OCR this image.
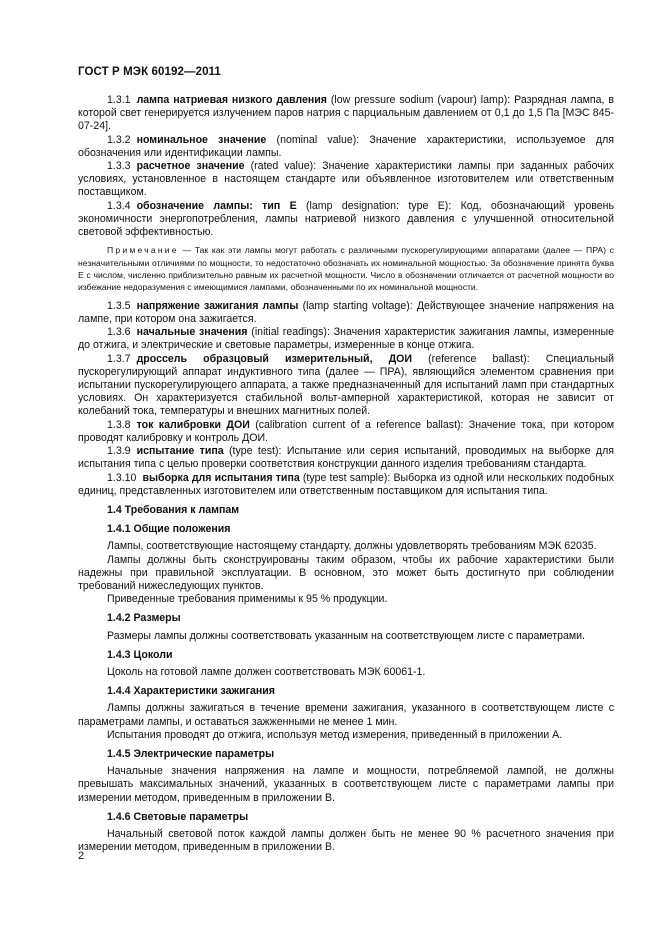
ГОСТ Р МЭК 60192—2011

1.3.1 лампа натриевая низкого давления (low pressure sodium (vapour) lamp): Разрядная лампа, в которой свет генерируется излучением паров натрия с парциальным давлением от 0,1 до 1,5 Па [МЭС 845-07-24].

1.3.2 номинальное значение (nominal value): Значение характеристики, используемое для обозначения или идентификации лампы.

1.3.3 расчетное значение (rated value): Значение характеристики лампы при заданных рабочих условиях, установленное в настоящем стандарте или объявленное изготовителем или ответственным поставщиком.

1.3.4 обозначение лампы: тип Е (lamp designation: type E): Код, обозначающий уровень экономичности энергопотребления, лампы натриевой низкого давления с улучшенной относительной световой эффективностью.

Примечание — Так как эти лампы могут работать с различными пускорегулирующими аппаратами (далее — ПРА) с незначительными отличиями по мощности, то недостаточно обозначать их номинальной мощностью. За обозначение принята буква Е с числом, численно приблизительно равным их расчетной мощности. Число в обозначении отличается от расчетной мощности во избежание недоразумения с имеющимися лампами, обозначенными по их номинальной мощности.

1.3.5 напряжение зажигания лампы (lamp starting voltage): Действующее значение напряжения на лампе, при котором она зажигается.

1.3.6 начальные значения (initial readings): Значения характеристик зажигания лампы, измеренные до отжига, и электрические и световые параметры, измеренные в конце отжига.

1.3.7 дроссель образцовый измерительный, ДОИ (reference ballast): Специальный пускорегулирующий аппарат индуктивного типа (далее — ПРА), являющийся элементом сравнения при испытании пускорегулирующего аппарата, а также предназначенный для испытаний ламп при стандартных условиях. Он характеризуется стабильной вольт-амперной характеристикой, которая не зависит от колебаний тока, температуры и внешних магнитных полей.

1.3.8 ток калибровки ДОИ (calibration current of a reference ballast): Значение тока, при котором проводят калибровку и контроль ДОИ.

1.3.9 испытание типа (type test): Испытание или серия испытаний, проводимых на выборке для испытания типа с целью проверки соответствия конструкции данного изделия требованиям стандарта.

1.3.10 выборка для испытания типа (type test sample): Выборка из одной или нескольких подобных единиц, представленных изготовителем или ответственным поставщиком для испытания типа.

1.4 Требования к лампам

1.4.1 Общие положения

Лампы, соответствующие настоящему стандарту, должны удовлетворять требованиям МЭК 62035.

Лампы должны быть сконструированы таким образом, чтобы их рабочие характеристики были надежны при правильной эксплуатации. В основном, это может быть достигнуто при соблюдении требований нижеследующих пунктов.

Приведенные требования применимы к 95 % продукции.

1.4.2 Размеры

Размеры лампы должны соответствовать указанным на соответствующем листе с параметрами.

1.4.3 Цоколи

Цоколь на готовой лампе должен соответствовать МЭК 60061-1.

1.4.4 Характеристики зажигания

Лампы должны зажигаться в течение времени зажигания, указанного в соответствующем листе с параметрами лампы, и оставаться зажженными не менее 1 мин.

Испытания проводят до отжига, используя метод измерения, приведенный в приложении А.

1.4.5 Электрические параметры

Начальные значения напряжения на лампе и мощности, потребляемой лампой, не должны превышать максимальных значений, указанных в соответствующем листе с параметрами лампы при измерении методом, приведенным в приложении В.

1.4.6 Световые параметры

Начальный световой поток каждой лампы должен быть не менее 90 % расчетного значения при измерении методом, приведенным в приложении В.

2
